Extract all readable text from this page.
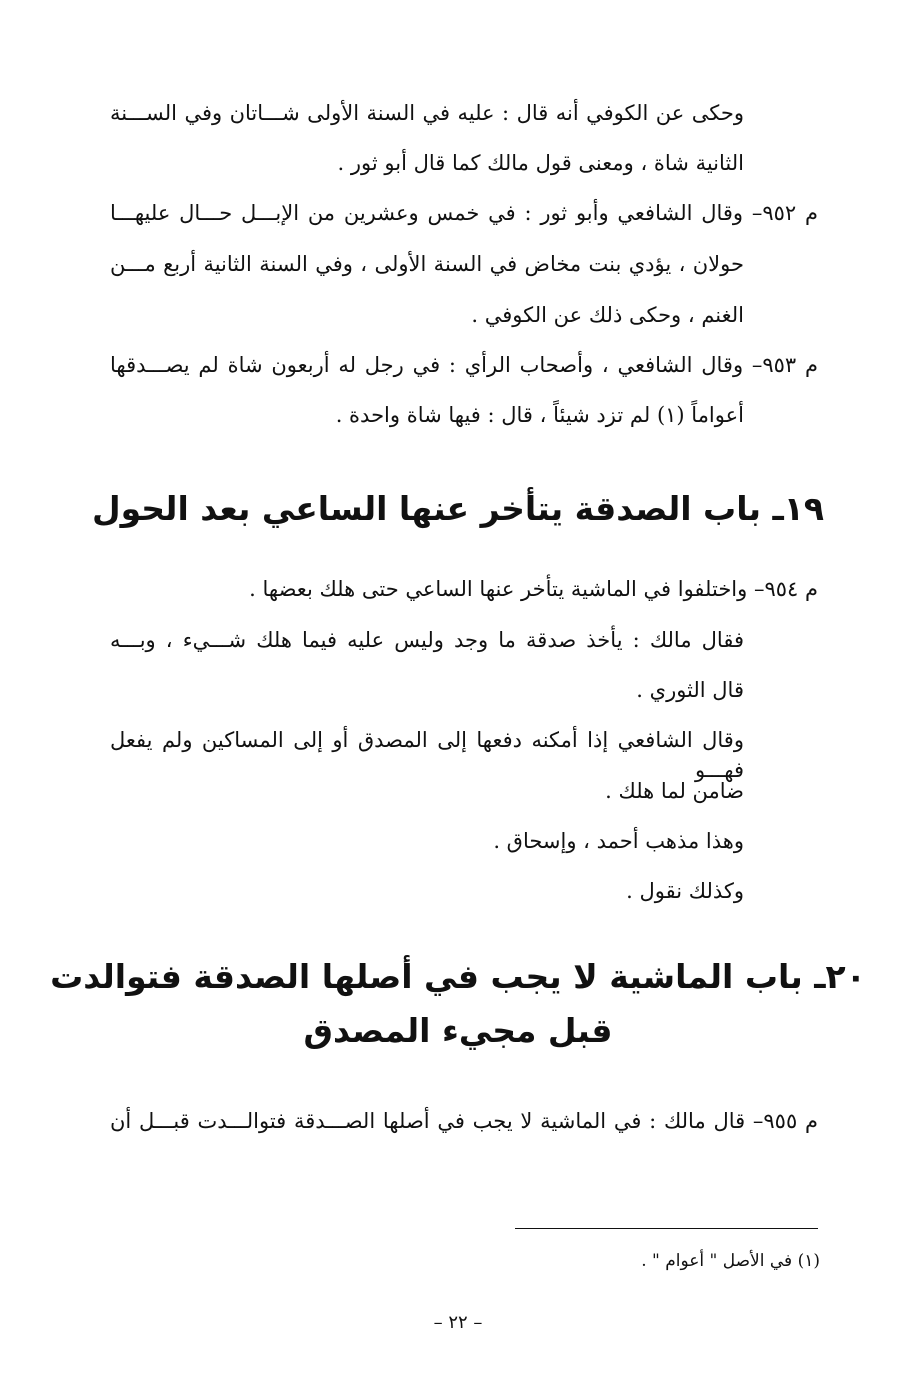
وحكى عن الكوفي أنه قال : عليه في السنة الأولى شـــاتان وفي الســـنة
الثانية شاة ، ومعنى قول مالك كما قال أبو ثور .
م ٩٥٢– وقال الشافعي وأبو ثور : في خمس وعشرين من الإبـــل حـــال عليهـــا
حولان ، يؤدي بنت مخاض في السنة الأولى ، وفي السنة الثانية أربع مـــن
الغنم ، وحكى ذلك عن الكوفي .
م ٩٥٣– وقال الشافعي ، وأصحاب الرأي : في رجل له أربعون شاة لم يصـــدقها
أعواماً (١) لم تزد شيئاً ، قال : فيها شاة واحدة .
١٩ـ باب الصدقة يتأخر عنها الساعي بعد الحول
م ٩٥٤– واختلفوا في الماشية يتأخر عنها الساعي حتى هلك بعضها .
فقال مالك : يأخذ صدقة ما وجد وليس عليه فيما هلك شـــيء ، وبـــه
قال الثوري .
وقال الشافعي إذا أمكنه دفعها إلى المصدق أو إلى المساكين ولم يفعل فهـــو
ضامن لما هلك .
وهذا مذهب أحمد ، وإسحاق .
وكذلك نقول .
٢٠ـ باب الماشية لا يجب في أصلها الصدقة فتوالدت
قبل مجيء المصدق
م ٩٥٥– قال مالك : في الماشية لا يجب في أصلها الصـــدقة فتوالـــدت قبـــل أن
(١) في الأصل " أعوام " .
– ٢٢ –
